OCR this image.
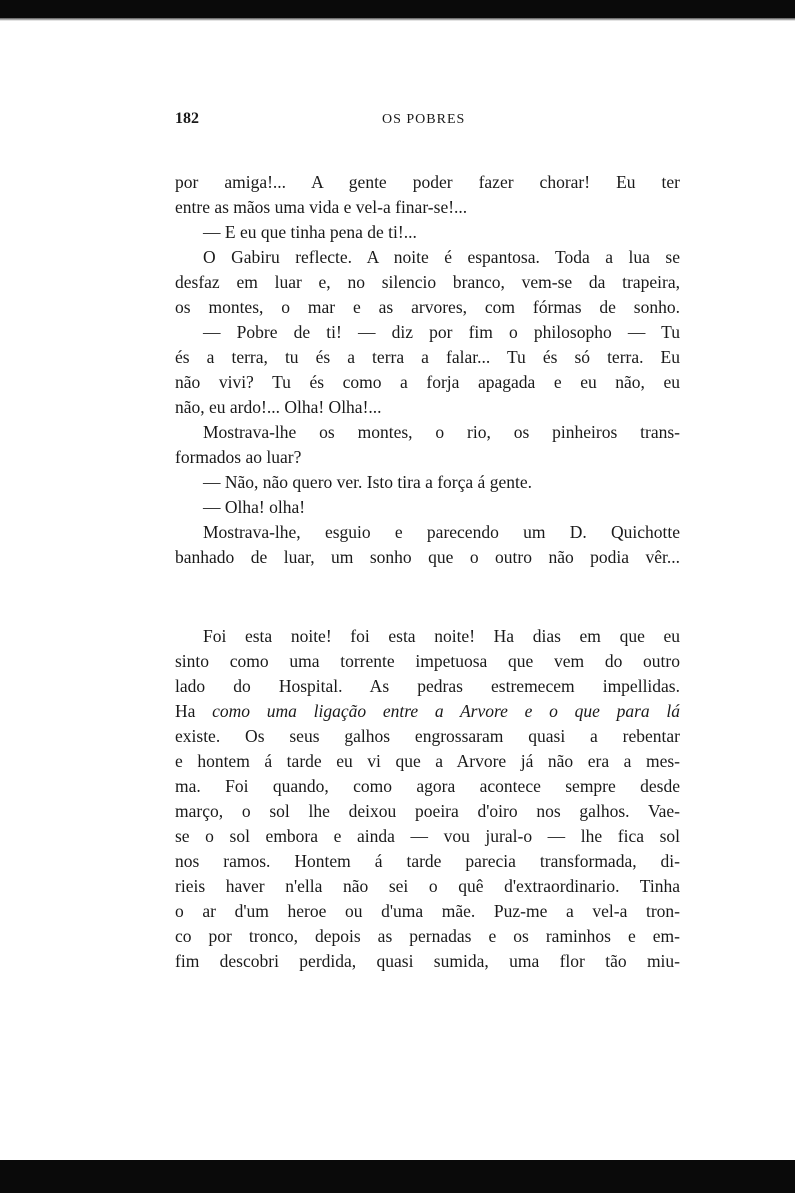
182	OS POBRES
por amiga!... A gente poder fazer chorar! Eu ter
entre as mãos uma vida e vel-a finar-se!...
— E eu que tinha pena de ti!...
O Gabiru reflecte. A noite é espantosa. Toda a lua se
desfaz em luar e, no silencio branco, vem-se da trapeira,
os montes, o mar e as arvores, com fórmas de sonho.
— Pobre de ti! — diz por fim o philosopho — Tu
és a terra, tu és a terra a falar... Tu és só terra. Eu
não vivi? Tu és como a forja apagada e eu não, eu
não, eu ardo!... Olha! Olha!...
Mostrava-lhe os montes, o rio, os pinheiros trans-
formados ao luar?
— Não, não quero ver. Isto tira a força á gente.
— Olha! olha!
Mostrava-lhe, esguio e parecendo um D. Quichotte
banhado de luar, um sonho que o outro não podia vêr...
Foi esta noite! foi esta noite! Ha dias em que eu
sinto como uma torrente impetuosa que vem do outro
lado do Hospital. As pedras estremecem impellidas.
Ha como uma ligação entre a Arvore e o que para lá
existe. Os seus galhos engrossaram quasi a rebentar
e hontem á tarde eu vi que a Arvore já não era a mes-
ma. Foi quando, como agora acontece sempre desde
março, o sol lhe deixou poeira d'oiro nos galhos. Vae-
se o sol embora e ainda — vou jural-o — lhe fica sol
nos ramos. Hontem á tarde parecia transformada, di-
rieis haver n'ella não sei o quê d'extraordinario. Tinha
o ar d'um heroe ou d'uma mãe. Puz-me a vel-a tron-
co por tronco, depois as pernadas e os raminhos e em-
fim descobri perdida, quasi sumida, uma flor tão miu-
